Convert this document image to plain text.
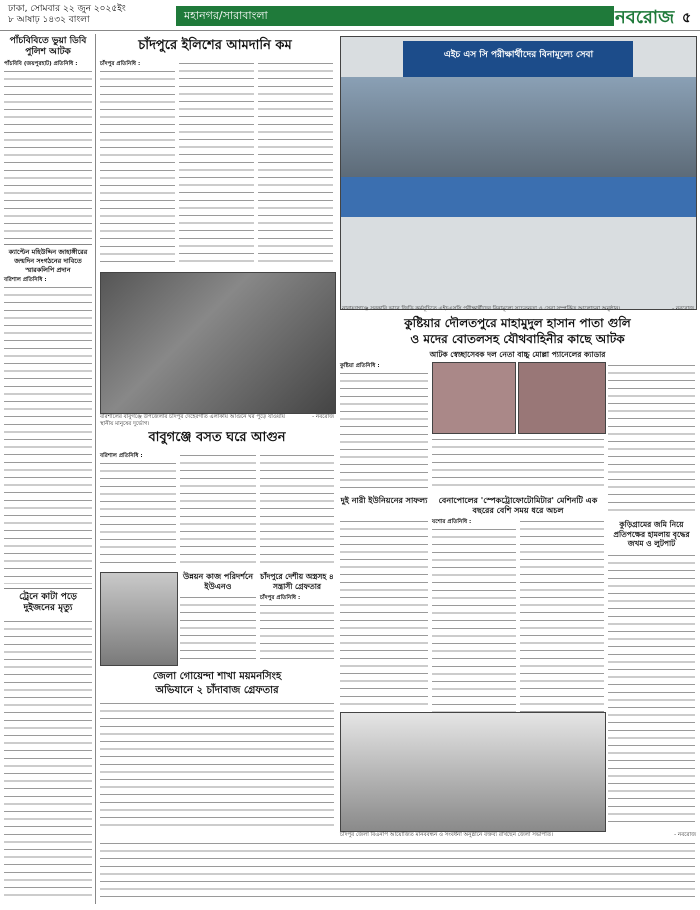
ঢাকা, সোমবার ২২ জুন ২০২৫ইং
৮ আষাঢ় ১৪৩২ বাংলা	মহানগর/সারাবাংলা	নবরোজ ৫
পাঁচবিবিতে ভুয়া ডিবি পুলিশ আটক
পাঁচবিবি (জয়পুরহাট) প্রতিনিধি :
ক্যাপ্টেন মহিউদ্দিন জাহাঙ্গীরের জন্মদিন সংগঠনের দাবিতে স্মারকলিপি প্রদান
বরিশাল প্রতিনিধি :
ট্রেনে কাটা পড়ে দুইজনের মৃত্যু
চাঁদপুরে ইলিশের আমদানি কম
চাঁদপুর প্রতিনিধি :
এইচ এস সি পরীক্ষার্থীদের বিনামূল্যে সেবা
নারায়ণগঞ্জে সরকারি ভাবে জিডি কর্মসূচিতে এইচএসসি পরীক্ষার্থীদের বিনামূল্যে সচেতনতা ও সেবা সম্পর্কিত আলোচনা অনুষ্ঠান।	- নবরোজ
কুষ্টিয়ার দৌলতপুরে মাহামুদুল হাসান পাতা গুলি
ও মদের বোতলসহ যৌথবাহিনীর কাছে আটক
আটক স্বেচ্ছাসেবক দল নেতা বাচ্চু মোল্লা প্যানেলের ক্যাডার
কুষ্টিয়া প্রতিনিধি :
দুই নারী ইউনিয়নের সাফল্য	বেনাপোলের 'স্পেকট্রোফোটোমিটার' মেশিনটি এক বছরের বেশি সময় ধরে অচল
যশোর প্রতিনিধি :	কুড়িগ্রামের জমি নিয়ে প্রতিপক্ষের হামলায় বৃদ্ধের জখম ও লুটপাট
বরিশালের বাবুগঞ্জে উপজেলার চাঁদপুর দেহেরগতি এলাকায় আগুনে ঘর পুড়ে যাওয়ায় স্থানীয় মানুষের দুর্ভোগ।
- নবরোজ
বাবুগঞ্জে বসত ঘরে আগুন
বরিশাল প্রতিনিধি :
উন্নয়ন কাজ পরিদর্শনে ইউএনও
জেলা গোয়েন্দা শাখা ময়মনসিংহ
অভিযানে ২ চাঁদাবাজ গ্রেফতার
চাঁদপুরে দেশীয় অস্ত্রসহ ৪ সন্ত্রাসী গ্রেফতার
চাঁদপুর প্রতিনিধি :
চাঁদপুর জেলা বিএনপি আয়োজিত মানববন্ধন ও সংবর্ধনা অনুষ্ঠানে বক্তব্য রাখছেন জেলা সভাপতি।	- নবরোজ
